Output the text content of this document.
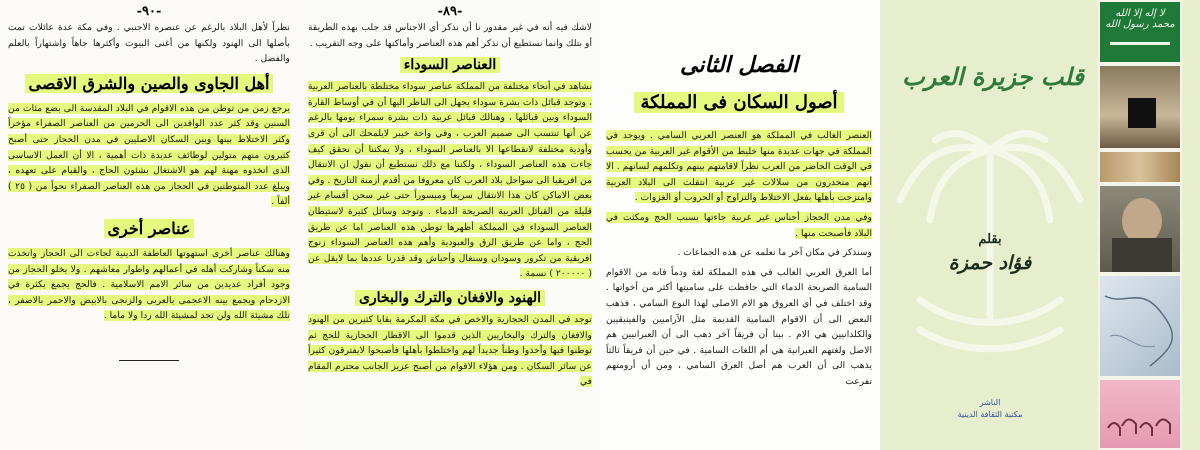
-٩٠-

نظراً لأهل البلاد بالرغم عن عنصره الاجنبي . وفي مكة عدة عائلات تمت بأصلها الى الهنود ولكنها من أغنى البيوت وأكثرها جاهاً واشتهاراً بالعلم والفضل .

أهل الجاوى والصين والشرق الاقصى

يرجع زمن من توطن من هذه الاقوام في البلاد المقدسة الى بضع مئات من السنين وقد كثر عدد الوافدين الى الحرمين من العناصر الصفراء مؤخراً وكثر الاختلاط بينها وبين السكان الاصليين في مدن الحجاز حتى أصبح كثيرون منهم متولين لوظائف عديدة ذات أهمية ، الا أن العمل الاساسى الذى اتخذوه مهنة لهم هو الاشتغال بشئون الحاج ، والقيام على تعهده ، ويبلغ عدد المتوطنين في الحجاز من هذه العناصر الصفراء نحواً من ( ٢٥ ) ألفاً .

عناصر أخرى

وهنالك عناصر أخرى استهوتها العاطفة الدينية لجاءت الى الحجاز واتخذت منه سكناً وشاركت أهله في أعمالهم واطوار معاشهم . ولا يخلو الحجاز من وجود أفراد عديدين من سائر الامم الاسلامية . فالحج يجمع بكثرة في الازدحام ويجمع بينه الاعجمى بالعربى والزنجى بالابيض والاحمر بالاصفر ، تلك مشيئة الله ولن تجد لمشيئة الله ردا ولا ماما .

-٨٩-

لاشك فيه أنه في غير مقدور نا أن نذكر أي الاجناس قد جلب بهذه الطريقة أو بتلك وانما نستطيع أن نذكر أهم هذه العناصر وأماكنها على وجه التقريب .

العناصر السوداء

نشاهد في أنحاء مختلفة من المملكة عناصر سوداء مختلطة بالعناصر العربية ، وتوجد قبائل ذات بشرة سوداء يجهل الى الناظر اليها أن في أوساط القارة السوداء وبين قبائلها ، وهنالك قبائل عربية ذات بشرة سمراء يومها بالرغم عن أنها تنتسب الى صميم العرب ، وفي واحة خيبر لايلمحك الى أن قرى وأودية مختلفة لانقطاعها الا بالعناصر السوداء ، ولا يمكننا أن نحقق كيف جاءت هذه العناصر السوداء ، ولكننا مع ذلك نستطيع أن نقول ان الانتقال من افريقيا الى سواحل بلاد العرب كان معروفا من أقدم أزمنة التاريخ . وفي بعض الاماكن كان هذا الانتقال سريعاً وميسوراً حتى غير سحن أقسام غير قليلة من القبائل العربية الصريحة الدماء . وتوجد وسائل كثيرة لاستيطان العناصر السوداء في المملكة أظهرها توطن هذه العناصر اما عن طريق الحج ، واما عن طريق الرق والعبودية وأهم هذه العناصر السوداء زنوج افريقية من تكرور وسودان وسنغال وأحباش وقد قدرنا عددها بما لايقل عن ( ٢٠٠٠٠٠ ) نسمة .

الهنود والافغان والترك والبخارى

توجد في المدن الحجازية والاخص في مكة المكرمة بقايا كثيرين من الهنود والافغان والترك والبخاريين الذين قدموا الى الاقطار الحجازية للحج ثم توطنوا فيها وأخذوا وطناً جديداً لهم واختلطوا بأهلها فأصبحوا لايفترقون كثيراً عن سائر السكان . ومن هؤلاء الاقوام من أصبح عزيز الجانب محترم المقام في

الفصل الثانى

أصول السكان فى المملكة

العنصر الغالب في المملكة هو العنصر العربي السامي . ويوجد في المملكة في جهات عديدة منها خليط من الأقوام غير العربية من يحسب في الوقت الحاضر من العرب نظراً لاقامتهم بينهم وتكلمهم لسانهم . الا أنهم منحدرون من سلالات غير عربية انتقلت الى البلاد العربية وامتزجت بأهلها بفعل الاختلاط والتزاوج أو الحروب أو الغزوات .

وفي مدن الحجاز أجناس غير عربية جاءتها بسبب الحج ومكثت في البلاد فأصبحت منها .

وسنذكر في مكان آخر ما نعلمه عن هذه الجماعات .

أما العرق العربي الغالب في هذه المملكة لغة ودماً فانه من الاقوام السامية الصريحة الدماء التي حافظت على ساميتها أكثر من أخواتها . وقد اختلف في أي العروق هو الام الاصلى لهذا النوع السامي ، فذهب البعض الى أن الاقوام السامية القديمة مثل الآراميين والفينيقيين والكلدانيين هي الام . بينا أن فريقاً آخر ذهب الى أن العبرانيين هم الاصل ولغتهم العبرانية هي أم اللغات السامية . في حين أن فريقاً ثالثاً يذهب الى أن العرب هم أصل العرق السامي ، ومن أن أرومتهم تفرعت

قلب جزيرة العرب
بقلم
فؤاد حمزة
الناشر
مكتبة الثقافة الدينية
لا إله إلا الله محمد رسول الله
